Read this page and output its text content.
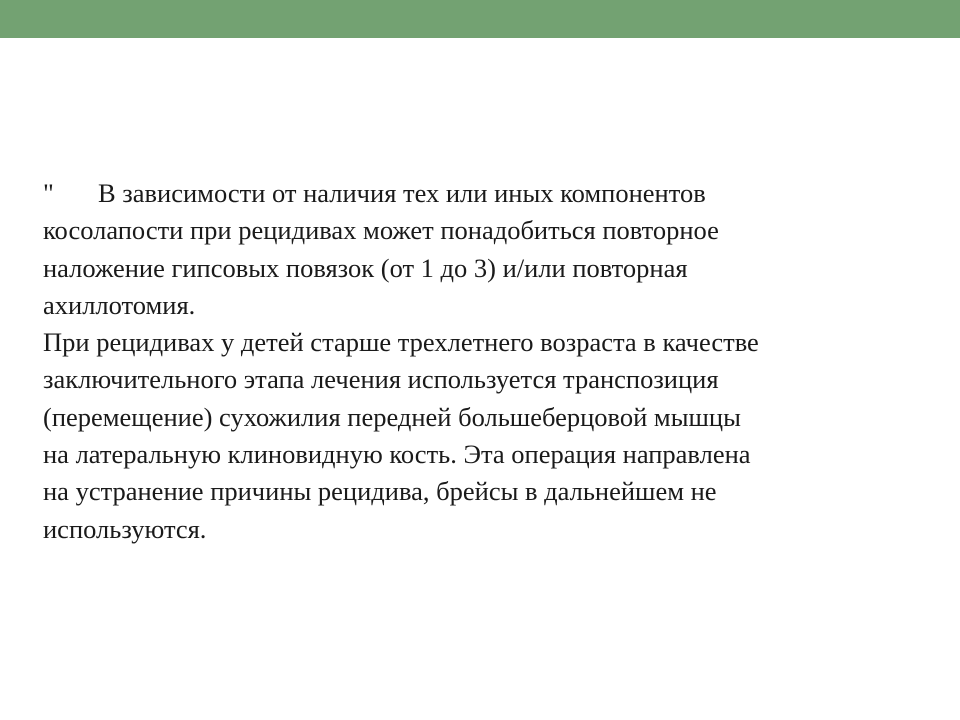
" В зависимости от наличия тех или иных компонентов
косолапости при рецидивах может понадобиться повторное
наложение гипсовых повязок (от 1 до 3) и/или повторная
ахиллотомия.
При рецидивах у детей старше трехлетнего возраста в качестве
заключительного этапа лечения используется транспозиция
(перемещение) сухожилия передней большеберцовой мышцы
на латеральную клиновидную кость. Эта операция направлена
на устранение причины рецидива, брейсы в дальнейшем не
используются.
